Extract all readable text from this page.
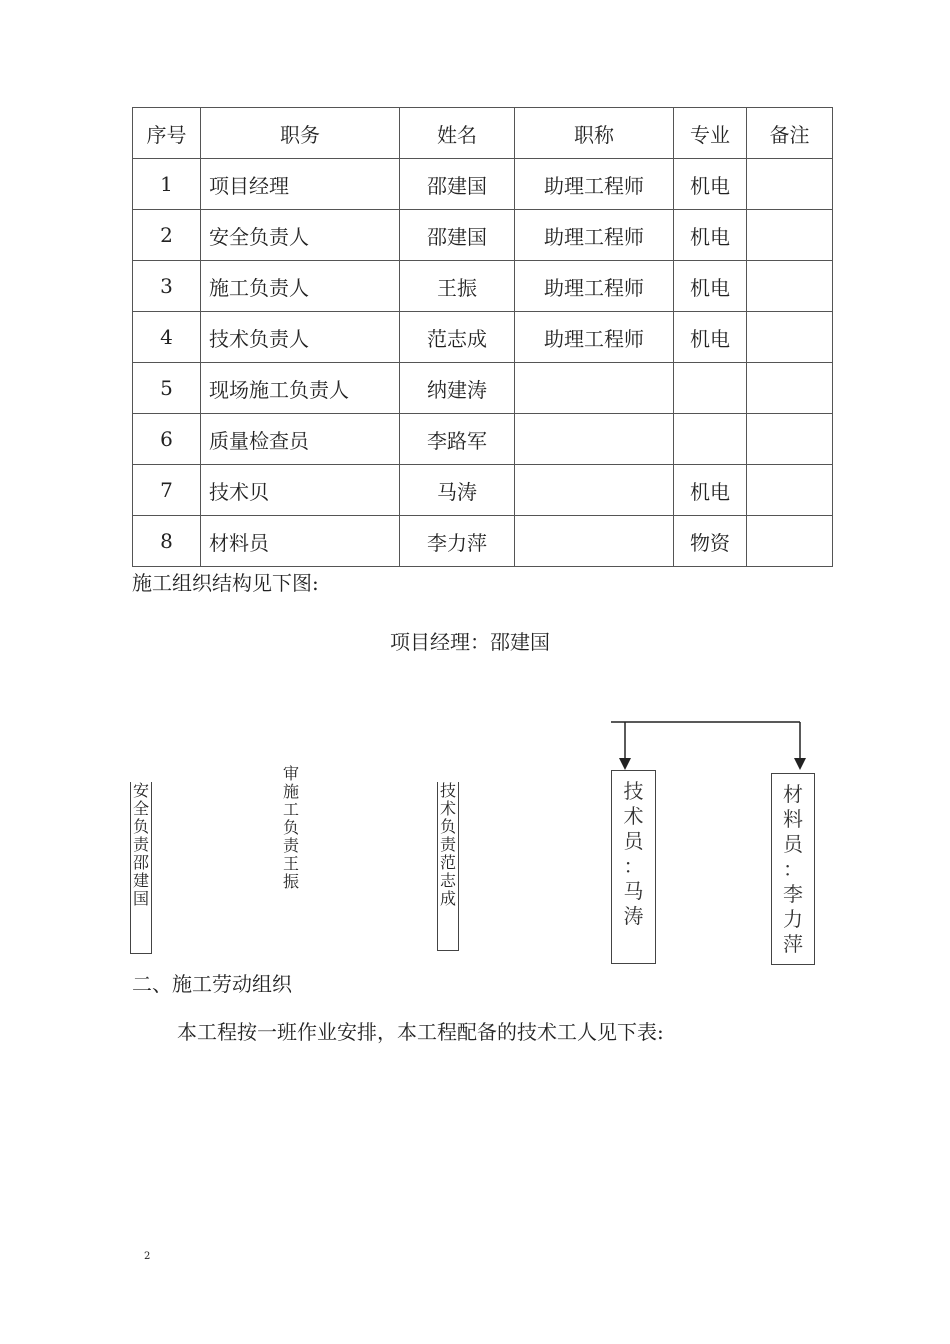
序号	职务	姓名	职称	专业	备注
1	项目经理	邵建国	助理工程师	机电	
2	安全负责人	邵建国	助理工程师	机电	
3	施工负责人	王振	助理工程师	机电	
4	技术负责人	范志成	助理工程师	机电	
5	现场施工负责人	纳建涛			
6	质量检查员	李路军			
7	技术贝	马涛		机电	
8	材料员	李力萍		物资	
施工组织结构见下图:
项目经理：邵建国
安
全
负
责
邵
建
国
审
施
工
负
责
王
振
技
术
负
责
范
志
成
技
术
员
：
马
涛
材
料
员
：
李
力
萍
二、施工劳动组织
本工程按一班作业安排，本工程配备的技术工人见下表:
2
